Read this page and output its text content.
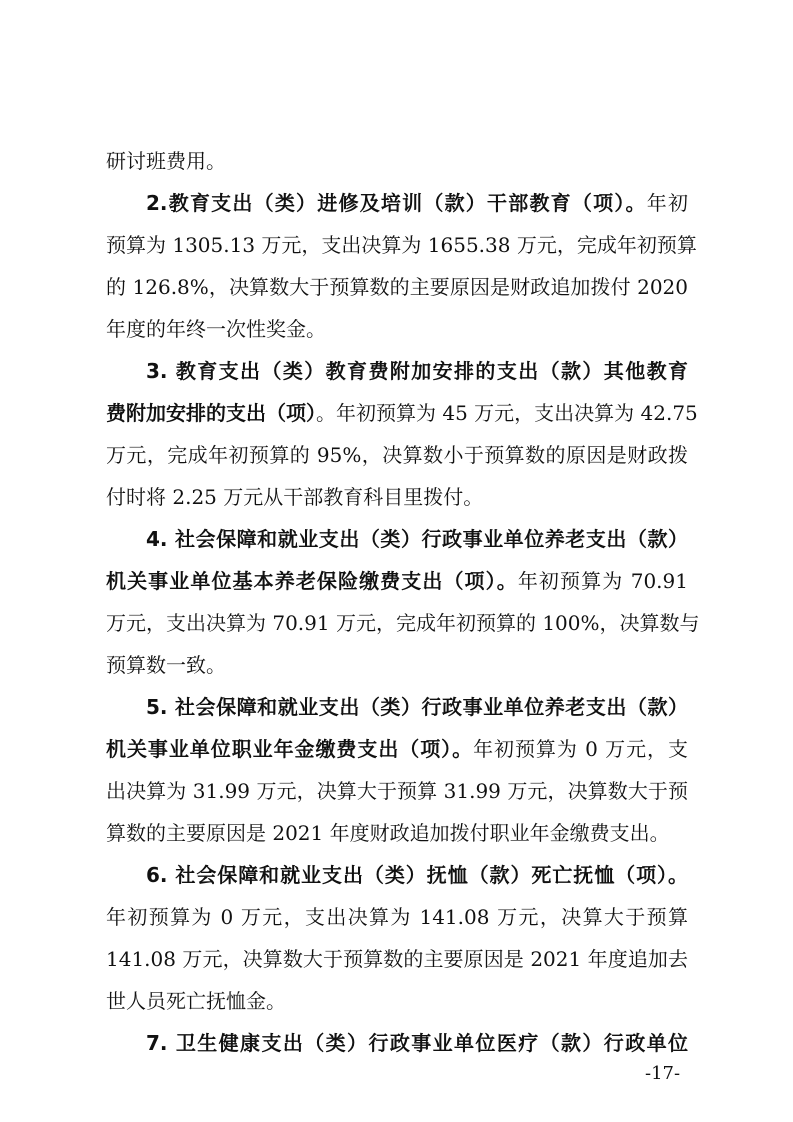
研讨班费用。
2.教育支出（类）进修及培训（款）干部教育（项）。年初
预算为 1305.13 万元，支出决算为 1655.38 万元，完成年初预算
的 126.8%，决算数大于预算数的主要原因是财政追加拨付 2020
年度的年终一次性奖金。
3. 教育支出（类）教育费附加安排的支出（款）其他教育
费附加安排的支出（项）。年初预算为 45 万元，支出决算为 42.75
万元，完成年初预算的 95%，决算数小于预算数的原因是财政拨
付时将 2.25 万元从干部教育科目里拨付。
4. 社会保障和就业支出（类）行政事业单位养老支出（款）
机关事业单位基本养老保险缴费支出（项）。年初预算为 70.91
万元，支出决算为 70.91 万元，完成年初预算的 100%，决算数与
预算数一致。
5. 社会保障和就业支出（类）行政事业单位养老支出（款）
机关事业单位职业年金缴费支出（项）。年初预算为 0 万元，支
出决算为 31.99 万元，决算大于预算 31.99 万元，决算数大于预
算数的主要原因是 2021 年度财政追加拨付职业年金缴费支出。
6. 社会保障和就业支出（类）抚恤（款）死亡抚恤（项）。
年初预算为 0 万元，支出决算为 141.08 万元，决算大于预算
141.08 万元，决算数大于预算数的主要原因是 2021 年度追加去
世人员死亡抚恤金。
7. 卫生健康支出（类）行政事业单位医疗（款）行政单位
-17-
